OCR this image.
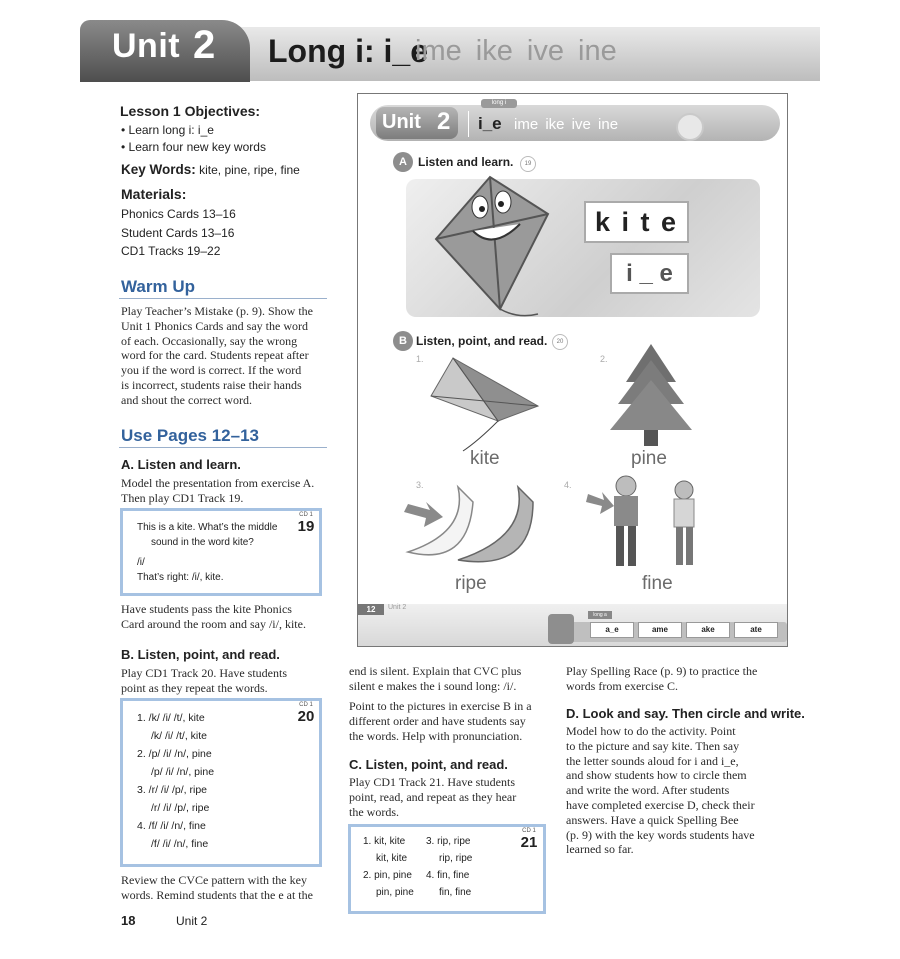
Unit 2 Long i: i_e
ime ike ive ine
Lesson 1 Objectives:
• Learn long i: i_e
• Learn four new key words
Key Words: kite, pine, ripe, fine
Materials:
Phonics Cards 13–16
Student Cards 13–16
CD1 Tracks 19–22
Warm Up
Play Teacher’s Mistake (p. 9). Show the
Unit 1 Phonics Cards and say the word
of each. Occasionally, say the wrong
word for the card. Students repeat after
you if the word is correct. If the word
is incorrect, students raise their hands
and shout the correct word.
Use Pages 12–13
A. Listen and learn.
Model the presentation from exercise A.
Then play CD1 Track 19.
This is a kite. What’s the middle
sound in the word kite?
/i/
That’s right: /i/, kite.
CD 1
19
Have students pass the kite Phonics
Card around the room and say /i/, kite.
B. Listen, point, and read.
Play CD1 Track 20. Have students
point as they repeat the words.
1. /k/ /i/ /t/, kite
/k/ /i/ /t/, kite
2. /p/ /i/ /n/, pine
/p/ /i/ /n/, pine
3. /r/ /i/ /p/, ripe
/r/ /i/ /p/, ripe
4. /f/ /i/ /n/, fine
/f/ /i/ /n/, fine
CD 1
20
Review the CVCe pattern with the key
words. Remind students that the e at the
end is silent. Explain that CVC plus
silent e makes the i sound long: /i/.
Point to the pictures in exercise B in a
different order and have students say
the words. Help with pronunciation.
C. Listen, point, and read.
Play CD1 Track 21. Have students
point, read, and repeat as they hear
the words.
1. kit, kite
kit, kite
2. pin, pine
pin, pine
3. rip, ripe
rip, ripe
4. fin, fine
fin, fine
CD 1
21
Play Spelling Race (p. 9) to practice the
words from exercise C.
D. Look and say. Then circle and write.
Model how to do the activity. Point
to the picture and say kite. Then say
the letter sounds aloud for i and i_e,
and show students how to circle them
and write the word. After students
have completed exercise D, check their
answers. Have a quick Spelling Bee
(p. 9) with the key words students have
learned so far.
long i
Unit 2 i_e ime ike ive ine
A Listen and learn.	19
k i t e
i _ e
B Listen, point, and read.	20
1.	2.
3.	4.
kite	pine
ripe	fine
12	Unit 2
long a
a_e	ame	ake	ate
18	Unit 2
